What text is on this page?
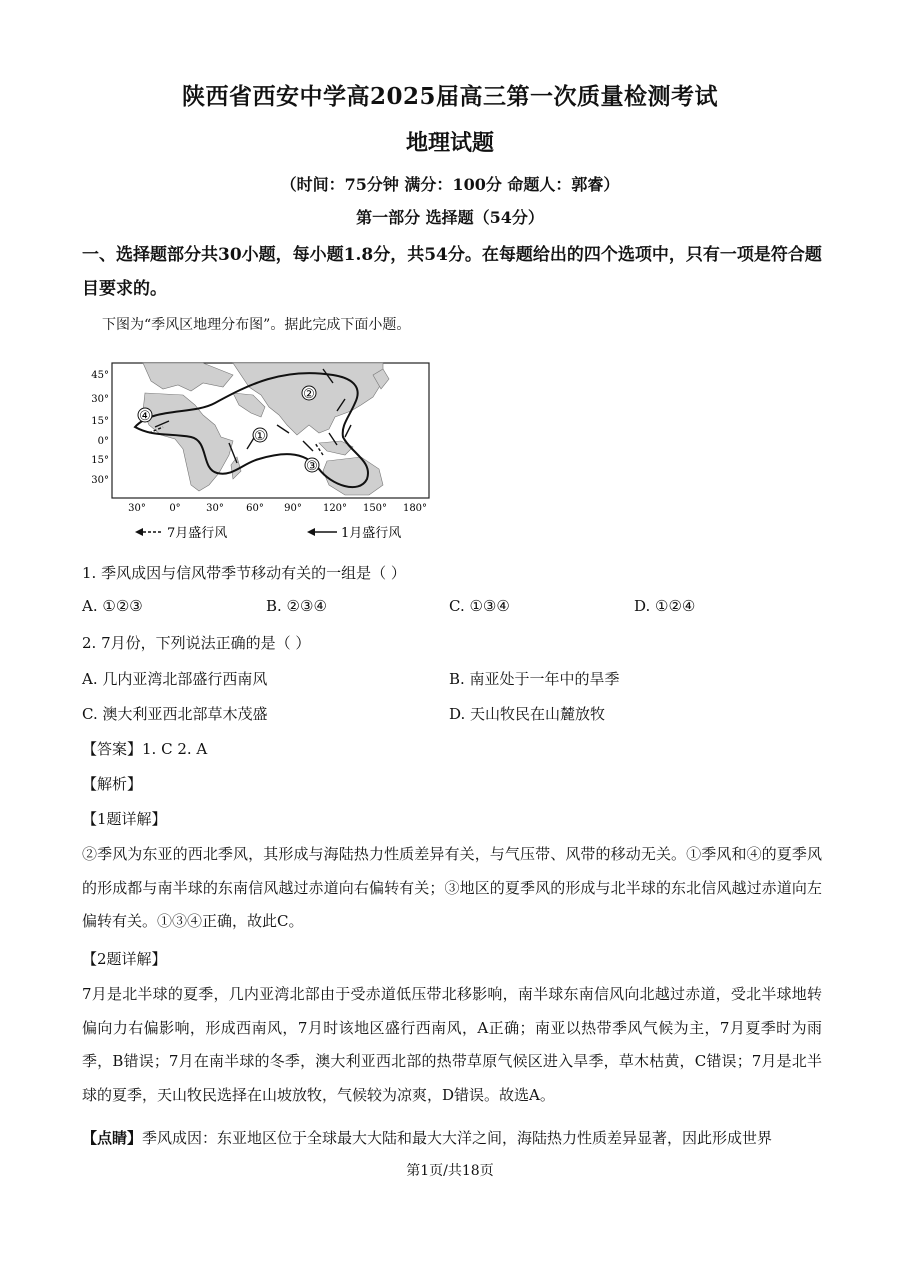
陕西省西安中学高2025届高三第一次质量检测考试
地理试题
（时间：75分钟 满分：100分 命题人：郭睿）
第一部分 选择题（54分）
一、选择题部分共30小题，每小题1.8分，共54分。在每题给出的四个选项中，只有一项是符合题目要求的。
下图为“季风区地理分布图”。据此完成下面小题。
①
②
③
④
45°
30°
15°
0°
15°
30°
30° 0°	30° 60° 90° 120° 150° 180°
7月盛行风	1月盛行风
1. 季风成因与信风带季节移动有关的一组是（ ）
A. ①②③	B. ②③④	C. ①③④	D. ①②④
2. 7月份，下列说法正确的是（ ）
A. 几内亚湾北部盛行西南风	B. 南亚处于一年中的旱季
C. 澳大利亚西北部草木茂盛	D. 天山牧民在山麓放牧
【答案】1. C 2. A
【解析】
【1题详解】
②季风为东亚的西北季风，其形成与海陆热力性质差异有关，与气压带、风带的移动无关。①季风和④的夏季风的形成都与南半球的东南信风越过赤道向右偏转有关；③地区的夏季风的形成与北半球的东北信风越过赤道向左偏转有关。①③④正确，故此C。
【2题详解】
7月是北半球的夏季，几内亚湾北部由于受赤道低压带北移影响，南半球东南信风向北越过赤道，受北半球地转偏向力右偏影响，形成西南风，7月时该地区盛行西南风，A正确；南亚以热带季风气候为主，7月夏季时为雨季，B错误；7月在南半球的冬季，澳大利亚西北部的热带草原气候区进入旱季，草木枯黄，C错误；7月是北半球的夏季，天山牧民选择在山坡放牧，气候较为凉爽，D错误。故选A。
【点睛】季风成因：东亚地区位于全球最大大陆和最大大洋之间，海陆热力性质差异显著，因此形成世界
第1页/共18页
